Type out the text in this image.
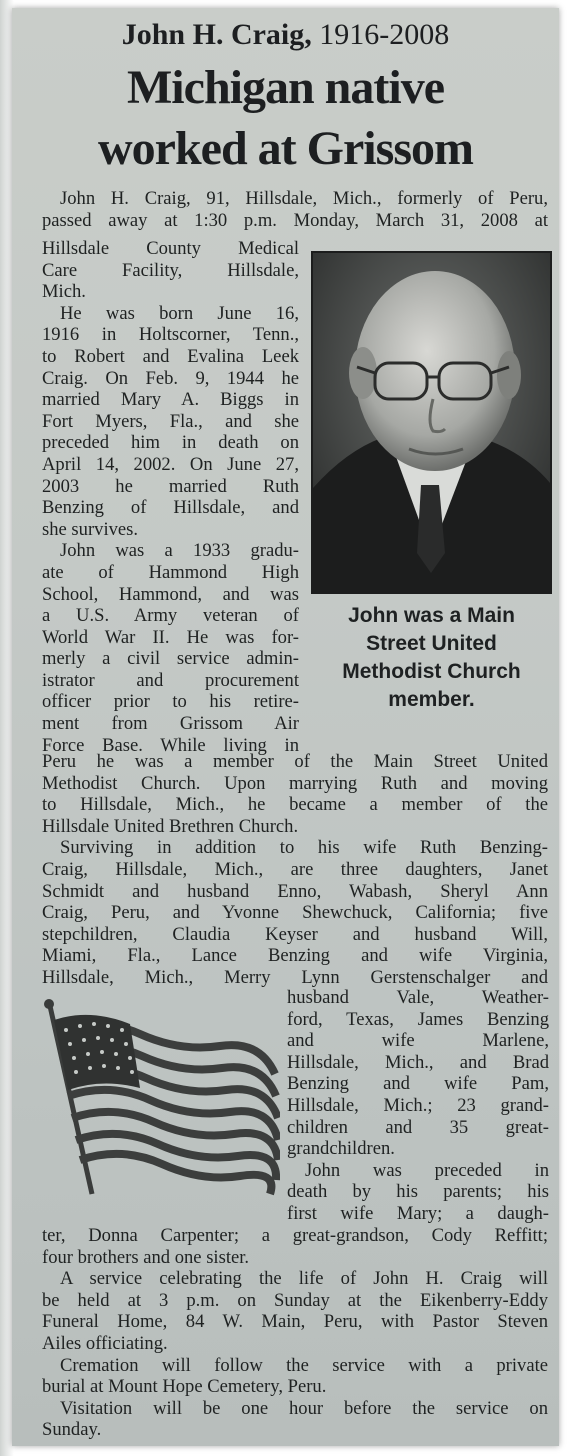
John H. Craig, 1916-2008
Michigan native
worked at Grissom
John H. Craig, 91, Hillsdale, Mich., formerly of Peru,
passed away at 1:30 p.m. Monday, March 31, 2008 at
Hillsdale County Medical
Care Facility, Hillsdale,
Mich.
He was born June 16,
1916 in Holtscorner, Tenn.,
to Robert and Evalina Leek
Craig. On Feb. 9, 1944 he
married Mary A. Biggs in
Fort Myers, Fla., and she
preceded him in death on
April 14, 2002. On June 27,
2003 he married Ruth
Benzing of Hillsdale, and
she survives.
John was a 1933 gradu-
ate of Hammond High
School, Hammond, and was
a U.S. Army veteran of
World War II. He was for-
merly a civil service admin-
istrator and procurement
officer prior to his retire-
ment from Grissom Air
Force Base. While living in
John was a Main
Street United
Methodist Church
member.
Peru he was a member of the Main Street United
Methodist Church. Upon marrying Ruth and moving
to Hillsdale, Mich., he became a member of the
Hillsdale United Brethren Church.
Surviving in addition to his wife Ruth Benzing-
Craig, Hillsdale, Mich., are three daughters, Janet
Schmidt and husband Enno, Wabash, Sheryl Ann
Craig, Peru, and Yvonne Shewchuck, California; five
stepchildren, Claudia Keyser and husband Will,
Miami, Fla., Lance Benzing and wife Virginia,
Hillsdale, Mich., Merry Lynn Gerstenschalger and
husband Vale, Weather-
ford, Texas, James Benzing
and wife Marlene,
Hillsdale, Mich., and Brad
Benzing and wife Pam,
Hillsdale, Mich.; 23 grand-
children and 35 great-
grandchildren.
John was preceded in
death by his parents; his
first wife Mary; a daugh-
ter, Donna Carpenter; a great-grandson, Cody Reffitt;
four brothers and one sister.
A service celebrating the life of John H. Craig will
be held at 3 p.m. on Sunday at the Eikenberry-Eddy
Funeral Home, 84 W. Main, Peru, with Pastor Steven
Ailes officiating.
Cremation will follow the service with a private
burial at Mount Hope Cemetery, Peru.
Visitation will be one hour before the service on
Sunday.
